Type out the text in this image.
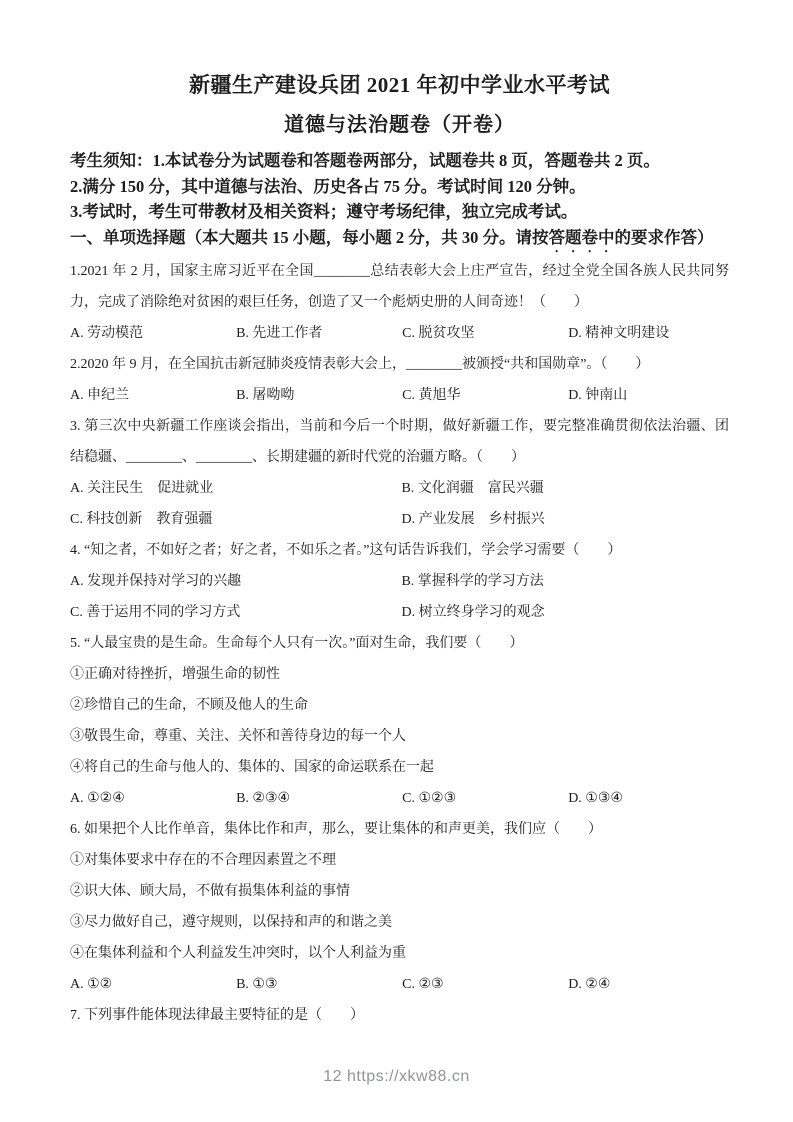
新疆生产建设兵团 2021 年初中学业水平考试
道德与法治题卷（开卷）
考生须知：1.本试卷分为试题卷和答题卷两部分，试题卷共 8 页，答题卷共 2 页。
2.满分 150 分，其中道德与法治、历史各占 75 分。考试时间 120 分钟。
3.考试时，考生可带教材及相关资料；遵守考场纪律，独立完成考试。
一、单项选择题（本大题共 15 小题，每小题 2 分，共 30 分。请按答题卷中的要求作答）
1.2021 年 2 月，国家主席习近平在全国________总结表彰大会上庄严宣告，经过全党全国各族人民共同努
力，完成了消除绝对贫困的艰巨任务，创造了又一个彪炳史册的人间奇迹！（　　）
A. 劳动模范	B. 先进工作者	C. 脱贫攻坚	D. 精神文明建设
2.2020 年 9 月，在全国抗击新冠肺炎疫情表彰大会上，________被颁授“共和国勋章”。（　　）
A. 申纪兰	B. 屠呦呦	C. 黄旭华	D. 钟南山
3. 第三次中央新疆工作座谈会指出，当前和今后一个时期，做好新疆工作，要完整准确贯彻依法治疆、团
结稳疆、________、________、长期建疆的新时代党的治疆方略。（　　）
A. 关注民生　促进就业	B. 文化润疆　富民兴疆
C. 科技创新　教育强疆	D. 产业发展　乡村振兴
4. “知之者，不如好之者；好之者，不如乐之者。”这句话告诉我们，学会学习需要（　　）
A. 发现并保持对学习的兴趣	B. 掌握科学的学习方法
C. 善于运用不同的学习方式	D. 树立终身学习的观念
5. “人最宝贵的是生命。生命每个人只有一次。”面对生命，我们要（　　）
①正确对待挫折，增强生命的韧性
②珍惜自己的生命，不顾及他人的生命
③敬畏生命，尊重、关注、关怀和善待身边的每一个人
④将自己的生命与他人的、集体的、国家的命运联系在一起
A. ①②④	B. ②③④	C. ①②③	D. ①③④
6. 如果把个人比作单音，集体比作和声，那么，要让集体的和声更美，我们应（　　）
①对集体要求中存在的不合理因素置之不理
②识大体、顾大局，不做有损集体利益的事情
③尽力做好自己，遵守规则，以保持和声的和谐之美
④在集体利益和个人利益发生冲突时，以个人利益为重
A. ①②	B. ①③	C. ②③	D. ②④
7. 下列事件能体现法律最主要特征的是（　　）
12 https://xkw88.cn
